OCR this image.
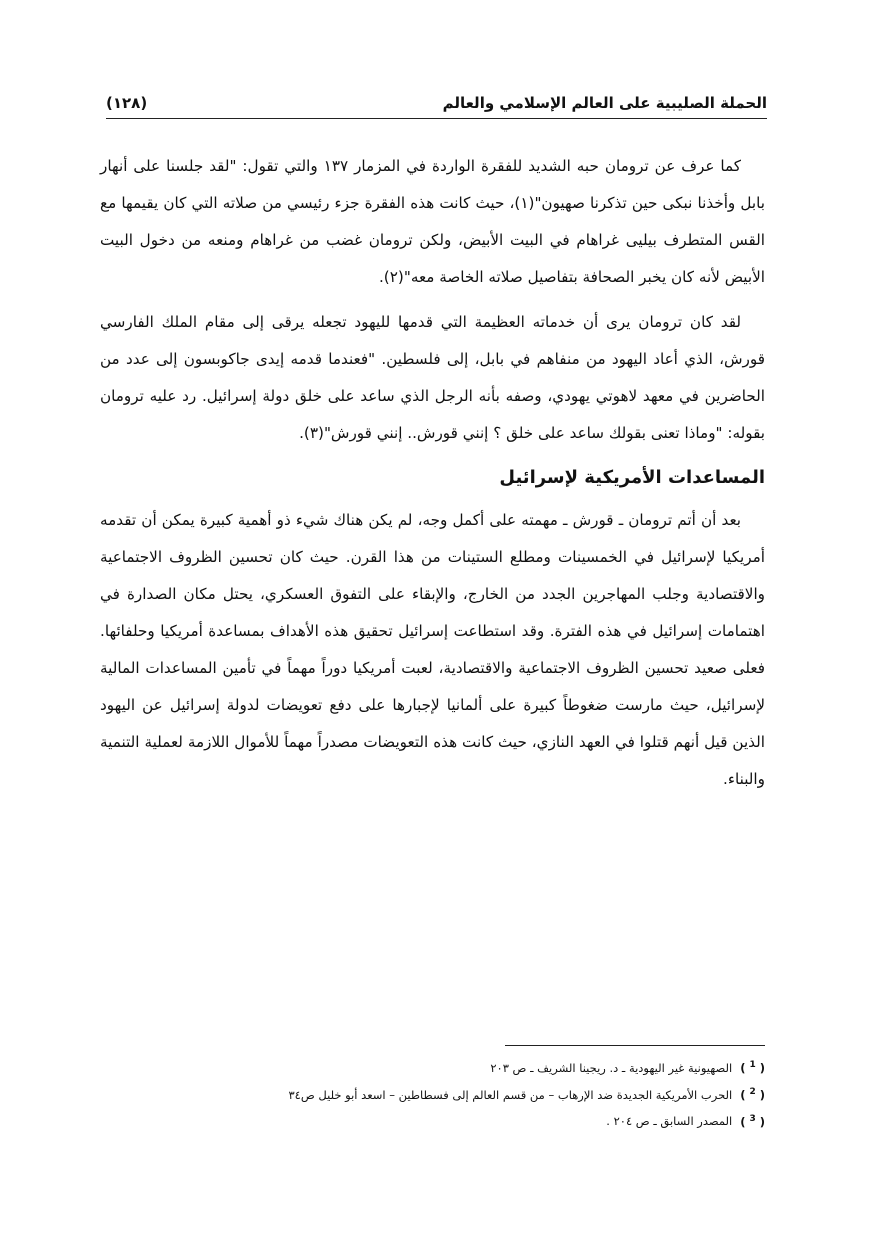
الحملة الصليبية على العالم الإسلامي والعالم
(١٢٨)

كما عرف عن ترومان حبه الشديد للفقرة الواردة في المزمار ١٣٧ والتي تقول: "لقد جلسنا على أنهار بابل وأخذنا نبكى حين تذكرنا صهيون"(١)، حيث كانت هذه الفقرة جزء رئيسي من صلاته التي كان يقيمها مع القس المتطرف بيليى غراهام في البيت الأبيض، ولكن ترومان غضب من غراهام ومنعه من دخول البيت الأبيض لأنه كان يخبر الصحافة بتفاصيل صلاته الخاصة معه"(٢).

لقد كان ترومان يرى أن خدماته العظيمة التي قدمها لليهود تجعله يرقى إلى مقام الملك الفارسي قورش، الذي أعاد اليهود من منفاهم في بابل، إلى فلسطين. "فعندما قدمه إيدى جاكوبسون إلى عدد من الحاضرين في معهد لاهوتي يهودي، وصفه بأنه الرجل الذي ساعد على خلق دولة إسرائيل. رد عليه ترومان بقوله: "وماذا تعنى بقولك ساعد على خلق ؟ إنني قورش.. إنني قورش"(٣).

المساعدات الأمريكية لإسرائيل

بعد أن أتم ترومان ـ قورش ـ مهمته على أكمل وجه، لم يكن هناك شيء ذو أهمية كبيرة يمكن أن تقدمه أمريكيا لإسرائيل في الخمسينات ومطلع الستينات من هذا القرن. حيث كان تحسين الظروف الاجتماعية والاقتصادية وجلب المهاجرين الجدد من الخارج، والإبقاء على التفوق العسكري، يحتل مكان الصدارة في اهتمامات إسرائيل في هذه الفترة. وقد استطاعت إسرائيل تحقيق هذه الأهداف بمساعدة أمريكيا وحلفائها. فعلى صعيد تحسين الظروف الاجتماعية والاقتصادية، لعبت أمريكيا دوراً مهماً في تأمين المساعدات المالية لإسرائيل، حيث مارست ضغوطاً كبيرة على ألمانيا لإجبارها على دفع تعويضات لدولة إسرائيل عن اليهود الذين قيل أنهم قتلوا في العهد النازي، حيث كانت هذه التعويضات مصدراً مهماً للأموال اللازمة لعملية التنمية والبناء.

( $^1$ )
الصهيونية غير اليهودية ـ د. ريجينا الشريف ـ ص ٢٠٣
( $^2$ )
الحرب الأمريكية الجديدة ضد الإرهاب – من قسم العالم إلى فسطاطين – اسعد أبو خليل ص٣٤
( $^3$ )
المصدر السابق ـ ص ٢٠٤ .
